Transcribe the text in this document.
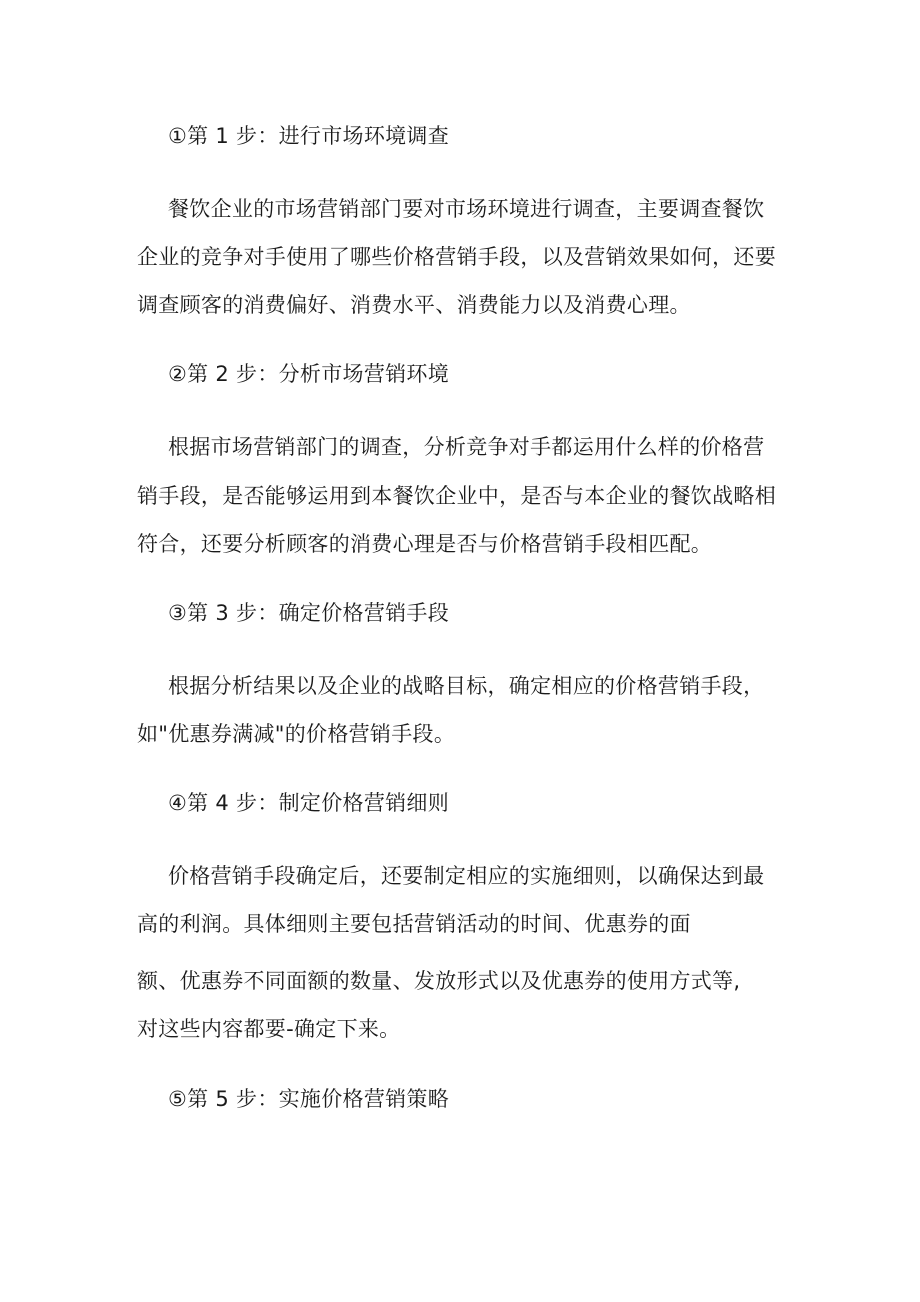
①第 1 步：进行市场环境调查
餐饮企业的市场营销部门要对市场环境进行调查，主要调查餐饮
企业的竞争对手使用了哪些价格营销手段，以及营销效果如何，还要
调查顾客的消费偏好、消费水平、消费能力以及消费心理。
②第 2 步：分析市场营销环境
根据市场营销部门的调查，分析竞争对手都运用什么样的价格营
销手段，是否能够运用到本餐饮企业中，是否与本企业的餐饮战略相
符合，还要分析顾客的消费心理是否与价格营销手段相匹配。
③第 3 步：确定价格营销手段
根据分析结果以及企业的战略目标，确定相应的价格营销手段，
如"优惠券满减"的价格营销手段。
④第 4 步：制定价格营销细则
价格营销手段确定后，还要制定相应的实施细则，以确保达到最
高的利润。具体细则主要包括营销活动的时间、优惠券的面
额、优惠券不同面额的数量、发放形式以及优惠券的使用方式等,
对这些内容都要-确定下来。
⑤第 5 步：实施价格营销策略
